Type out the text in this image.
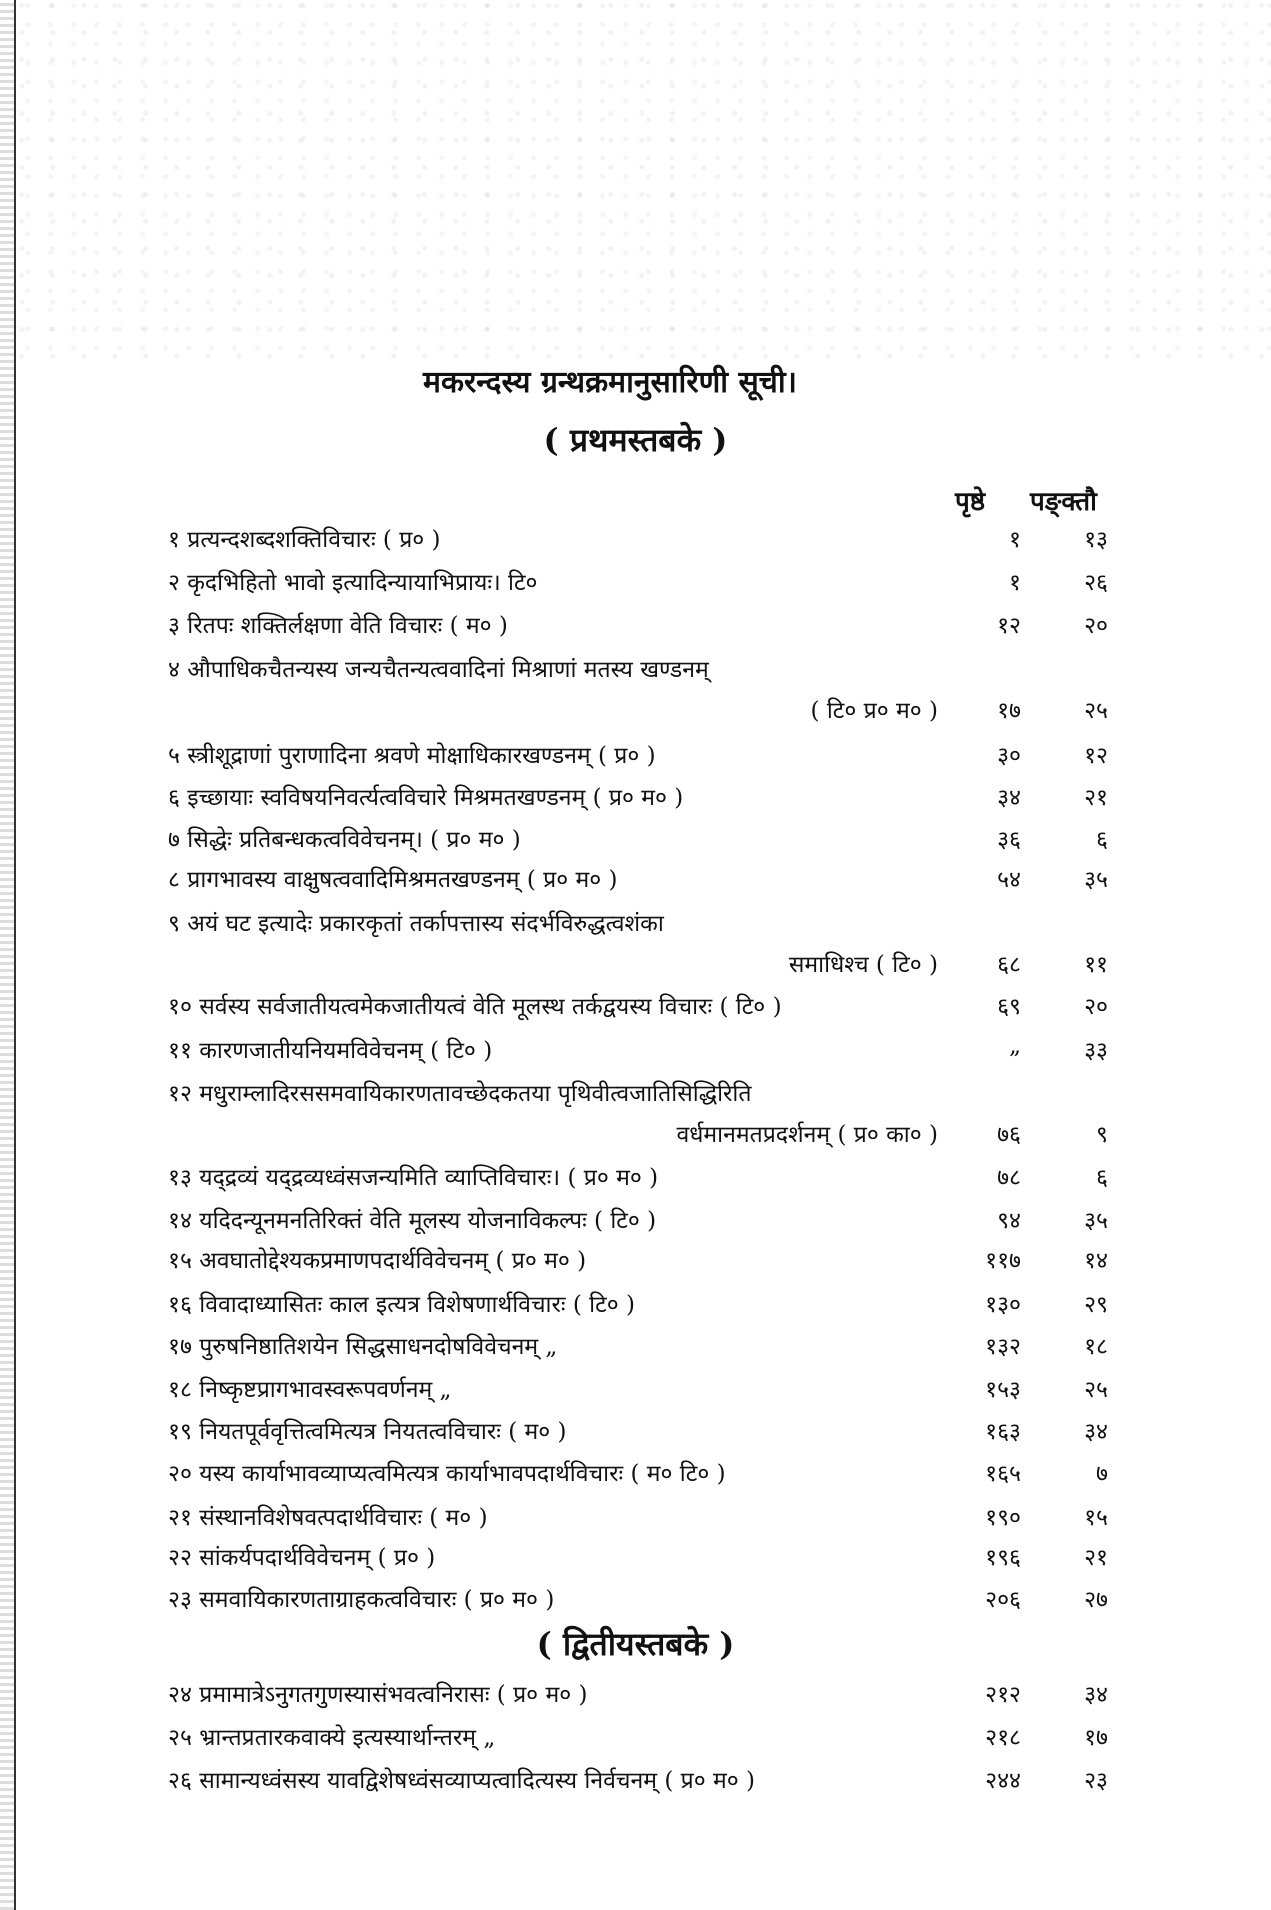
मकरन्दस्य ग्रन्थक्रमानुसारिणी सूची।
( प्रथमस्तबके )
पृष्ठे पङ्क्तौ
१ प्रत्यन्दशब्दशक्तिविचारः ( प्र० )	१	१३
२ कृदभिहितो भावो इत्यादिन्यायाभिप्रायः। टि०	१	२६
३ रितपः शक्तिर्लक्षणा वेति विचारः ( म० )	१२	२०
४ औपाधिकचैतन्यस्य जन्यचैतन्यत्ववादिनां मिश्राणां मतस्य खण्डनम्
( टि० प्र० म० )	१७	२५
५ स्त्रीशूद्राणां पुराणादिना श्रवणे मोक्षाधिकारखण्डनम् ( प्र० )	३०	१२
६ इच्छायाः स्वविषयनिवर्त्यत्वविचारे मिश्रमतखण्डनम् ( प्र० म० )	३४	२१
७ सिद्धेः प्रतिबन्धकत्वविवेचनम्। ( प्र० म० )	३६	६
८ प्रागभावस्य वाक्षुषत्ववादिमिश्रमतखण्डनम् ( प्र० म० )	५४	३५
९ अयं घट इत्यादेः प्रकारकृतां तर्कापत्तास्य संदर्भविरुद्धत्वशंका
समाधिश्च ( टि० )	६८	११
१० सर्वस्य सर्वजातीयत्वमेकजातीयत्वं वेति मूलस्थ तर्कद्वयस्य विचारः ( टि० )	६९	२०
११ कारणजातीयनियमविवेचनम् ( टि० )	„	३३
१२ मधुराम्लादिरससमवायिकारणतावच्छेदकतया पृथिवीत्वजातिसिद्धिरिति
वर्धमानमतप्रदर्शनम् ( प्र० का० )	७६	९
१३ यद्द्रव्यं यद्द्रव्यध्वंसजन्यमिति व्याप्तिविचारः। ( प्र० म० )	७८	६
१४ यदिदन्यूनमनतिरिक्तं वेति मूलस्य योजनाविकल्पः ( टि० )	९४	३५
१५ अवघातोद्देश्यकप्रमाणपदार्थविवेचनम् ( प्र० म० )	११७	१४
१६ विवादाध्यासितः काल इत्यत्र विशेषणार्थविचारः ( टि० )	१३०	२९
१७ पुरुषनिष्ठातिशयेन सिद्धसाधनदोषविवेचनम् „	१३२	१८
१८ निष्कृष्टप्रागभावस्वरूपवर्णनम् „	१५३	२५
१९ नियतपूर्ववृत्तित्वमित्यत्र नियतत्वविचारः ( म० )	१६३	३४
२० यस्य कार्याभावव्याप्यत्वमित्यत्र कार्याभावपदार्थविचारः ( म० टि० )	१६५	७
२१ संस्थानविशेषवत्पदार्थविचारः ( म० )	१९०	१५
२२ सांकर्यपदार्थविवेचनम् ( प्र० )	१९६	२१
२३ समवायिकारणताग्राहकत्वविचारः ( प्र० म० )	२०६	२७
२४ प्रमामात्रेऽनुगतगुणस्यासंभवत्वनिरासः ( प्र० म० )	२१२	३४
२५ भ्रान्तप्रतारकवाक्ये इत्यस्यार्थान्तरम् „	२१८	१७
२६ सामान्यध्वंसस्य यावद्विशेषध्वंसव्याप्यत्वादित्यस्य निर्वचनम् ( प्र० म० )	२४४	२३
( द्वितीयस्तबके )
